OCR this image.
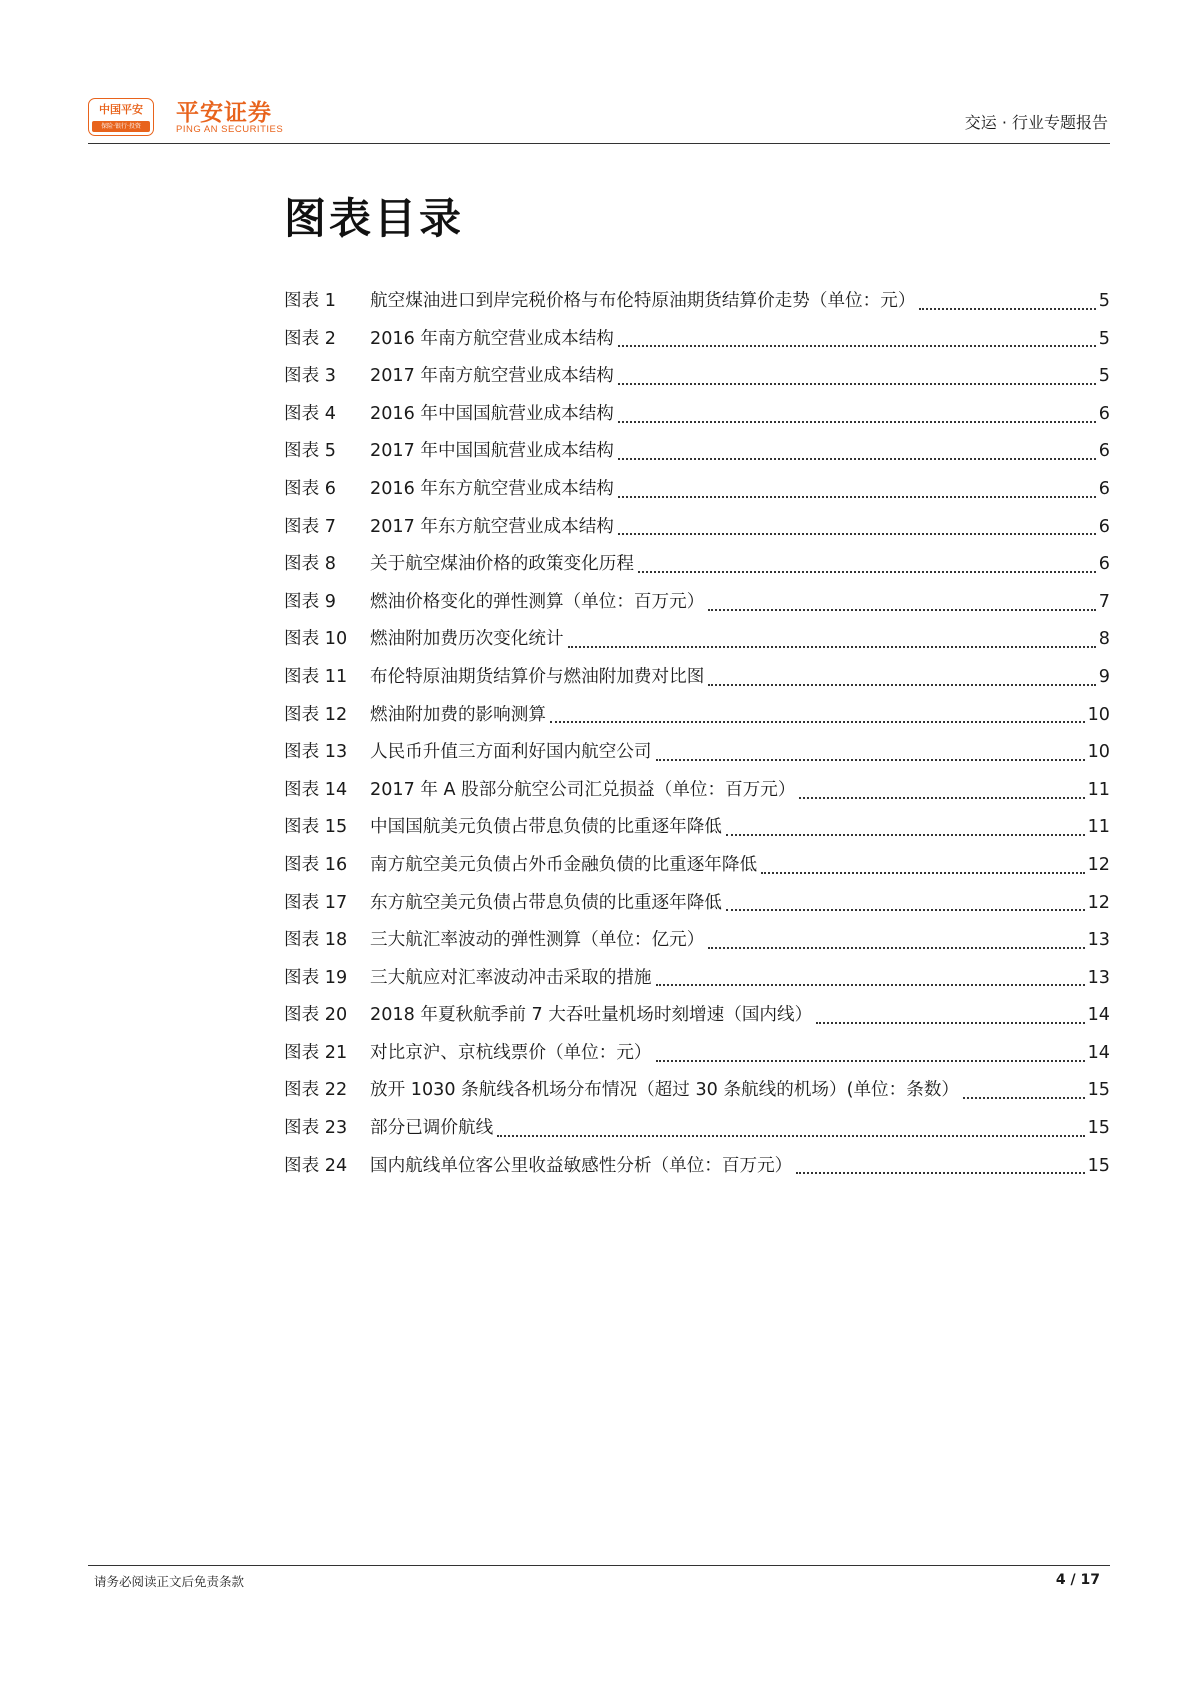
中国平安
保险·银行·投资
平安证券
PING AN SECURITIES	交运 · 行业专题报告
图表目录
图表 1	航空煤油进口到岸完税价格与布伦特原油期货结算价走势（单位：元）	5
图表 2	2016 年南方航空营业成本结构	5
图表 3	2017 年南方航空营业成本结构	5
图表 4	2016 年中国国航营业成本结构	6
图表 5	2017 年中国国航营业成本结构	6
图表 6	2016 年东方航空营业成本结构	6
图表 7	2017 年东方航空营业成本结构	6
图表 8	关于航空煤油价格的政策变化历程	6
图表 9	燃油价格变化的弹性测算（单位：百万元）	7
图表 10	燃油附加费历次变化统计	8
图表 11	布伦特原油期货结算价与燃油附加费对比图	9
图表 12	燃油附加费的影响测算	10
图表 13	人民币升值三方面利好国内航空公司	10
图表 14	2017 年 A 股部分航空公司汇兑损益（单位：百万元）	11
图表 15	中国国航美元负债占带息负债的比重逐年降低	11
图表 16	南方航空美元负债占外币金融负债的比重逐年降低	12
图表 17	东方航空美元负债占带息负债的比重逐年降低	12
图表 18	三大航汇率波动的弹性测算（单位：亿元）	13
图表 19	三大航应对汇率波动冲击采取的措施	13
图表 20	2018 年夏秋航季前 7 大吞吐量机场时刻增速（国内线）	14
图表 21	对比京沪、京杭线票价（单位：元）	14
图表 22	放开 1030 条航线各机场分布情况（超过 30 条航线的机场）(单位：条数）	15
图表 23	部分已调价航线	15
图表 24	国内航线单位客公里收益敏感性分析（单位：百万元）	15
请务必阅读正文后免责条款	4 / 17
